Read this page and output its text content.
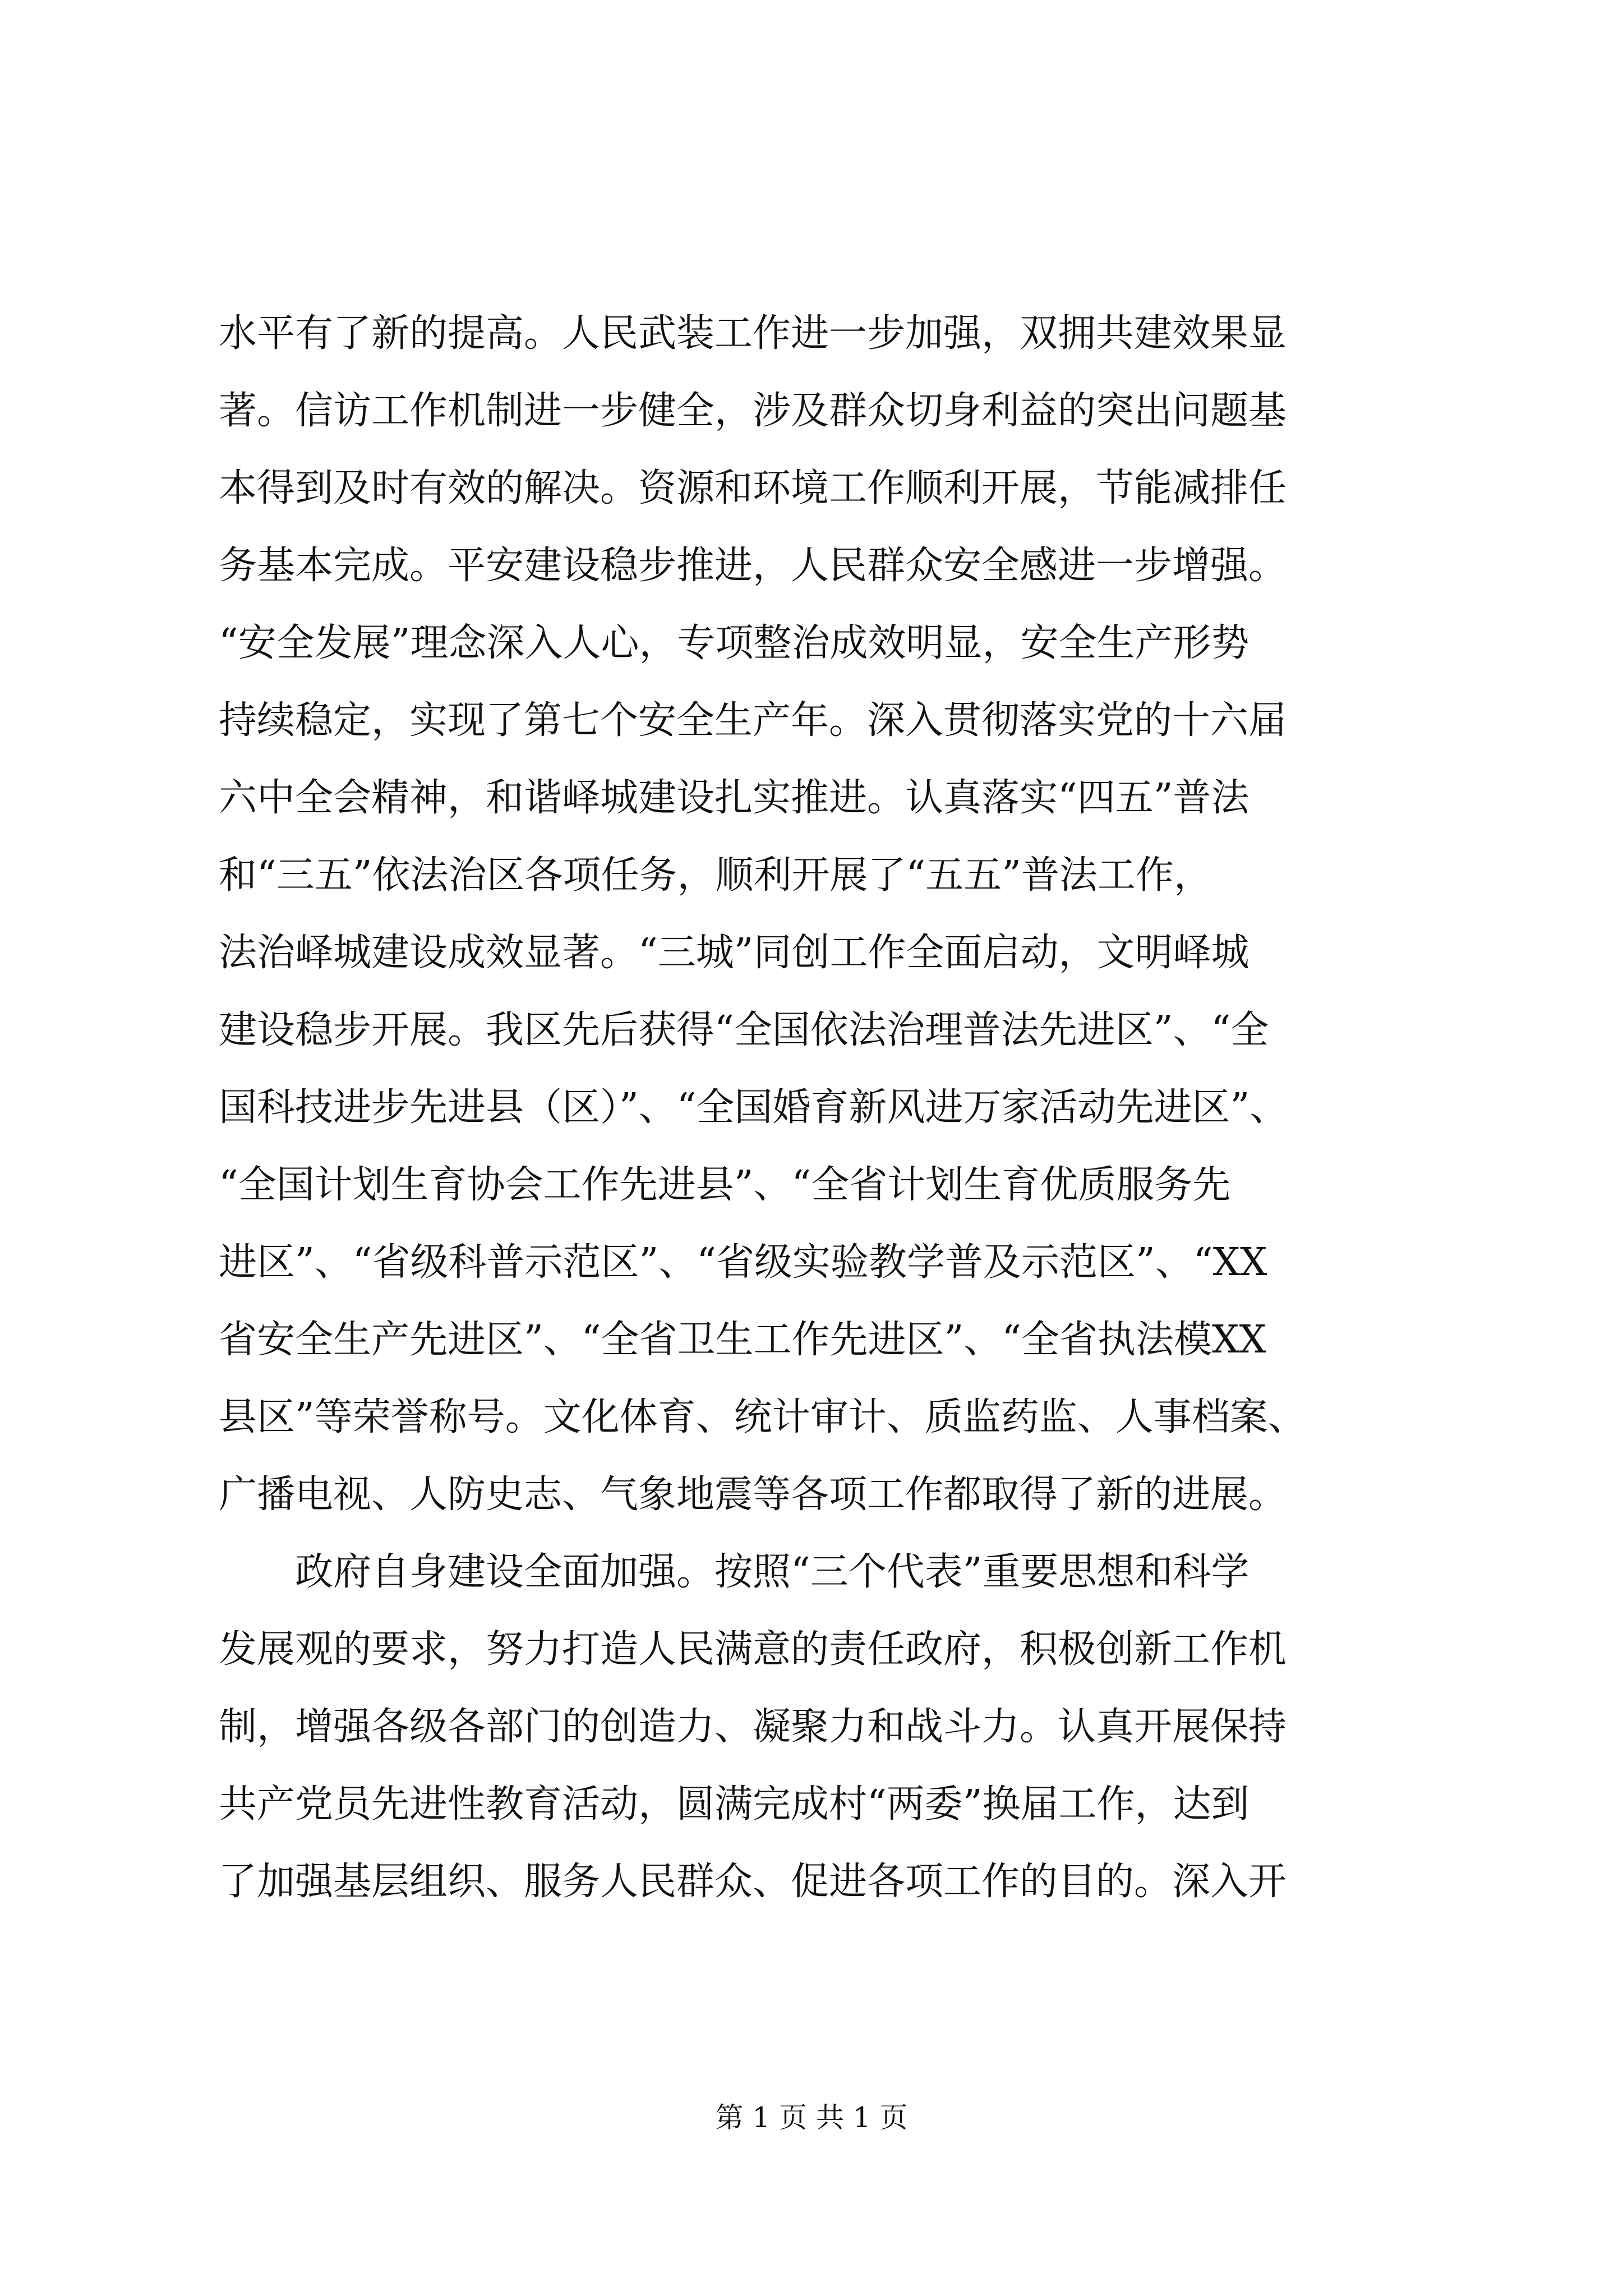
水平有了新的提高。人民武装工作进一步加强，双拥共建效果显
著。信访工作机制进一步健全，涉及群众切身利益的突出问题基
本得到及时有效的解决。资源和环境工作顺利开展，节能减排任
务基本完成。平安建设稳步推进，人民群众安全感进一步增强。
“安全发展”理念深入人心，专项整治成效明显，安全生产形势
持续稳定，实现了第七个安全生产年。深入贯彻落实党的十六届
六中全会精神，和谐峄城建设扎实推进。认真落实“四五”普法
和“三五”依法治区各项任务，顺利开展了“五五”普法工作，
法治峄城建设成效显著。“三城”同创工作全面启动，文明峄城
建设稳步开展。我区先后获得“全国依法治理普法先进区”、“全
国科技进步先进县（区）”、“全国婚育新风进万家活动先进区”、
“全国计划生育协会工作先进县”、“全省计划生育优质服务先
进区”、“省级科普示范区”、“省级实验教学普及示范区”、“XX
省安全生产先进区”、“全省卫生工作先进区”、“全省执法模XX
县区”等荣誉称号。文化体育、统计审计、质监药监、人事档案、
广播电视、人防史志、气象地震等各项工作都取得了新的进展。
　　政府自身建设全面加强。按照“三个代表”重要思想和科学
发展观的要求，努力打造人民满意的责任政府，积极创新工作机
制，增强各级各部门的创造力、凝聚力和战斗力。认真开展保持
共产党员先进性教育活动，圆满完成村“两委”换届工作，达到
了加强基层组织、服务人民群众、促进各项工作的目的。深入开
第 1 页 共 1 页
